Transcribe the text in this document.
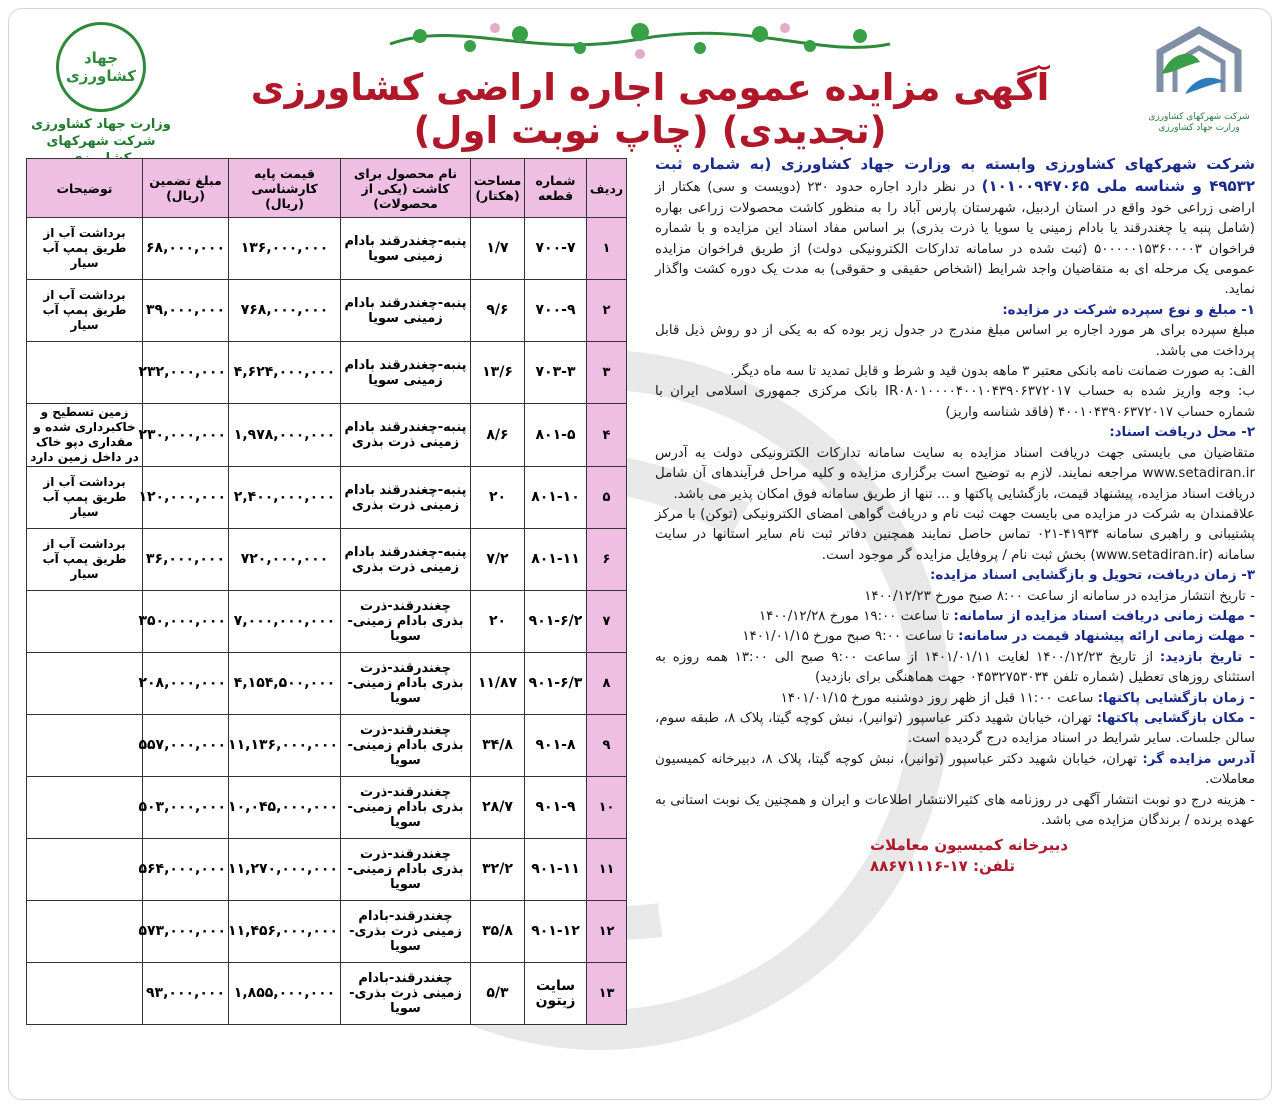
شرکت شهرکهای کشاورزی وزارت جهاد کشاورزی
جهاد کشاورزی
وزارت جهاد کشاورزی
شرکت شهرکهای
آگهی مزایده عمومی اجاره اراضی کشاورزی (تجدیدی) (چاپ نوبت اول)
ردیف	شماره قطعه	مساحت (هکتار)	نام محصول برای کاشت (یکی از محصولات)	قیمت پایه کارشناسی (ریال)	مبلغ تضمین (ریال)	توضیحات
۱	۷۰۰-۷	۱/۷	پنبه-چغندرقند بادام زمینی سویا	۱۳۶,۰۰۰,۰۰۰	۶۸,۰۰۰,۰۰۰	برداشت آب از طریق پمپ آب سیار
۲	۷۰۰-۹	۹/۶	پنبه-چغندرقند بادام زمینی سویا	۷۶۸,۰۰۰,۰۰۰	۳۹,۰۰۰,۰۰۰	برداشت آب از طریق پمپ آب سیار
۳	۷۰۳-۳	۱۳/۶	پنبه-چغندرقند بادام زمینی سویا	۴,۶۲۴,۰۰۰,۰۰۰	۲۳۲,۰۰۰,۰۰۰	
۴	۸۰۱-۵	۸/۶	پنبه-چغندرقند بادام زمینی ذرت بذری	۱,۹۷۸,۰۰۰,۰۰۰	۲۳۰,۰۰۰,۰۰۰	زمین تسطیح و خاکبرداری شده و مقداری دپو خاک در داخل زمین دارد
۵	۸۰۱-۱۰	۲۰	پنبه-چغندرقند بادام زمینی ذرت بذری	۲,۴۰۰,۰۰۰,۰۰۰	۱۲۰,۰۰۰,۰۰۰	برداشت آب از طریق پمپ آب سیار
۶	۸۰۱-۱۱	۷/۲	پنبه-چغندرقند بادام زمینی ذرت بذری	۷۲۰,۰۰۰,۰۰۰	۳۶,۰۰۰,۰۰۰	برداشت آب از طریق پمپ آب سیار
۷	۹۰۱-۶/۲	۲۰	چغندرقند-ذرت بذری بادام زمینی-سویا	۷,۰۰۰,۰۰۰,۰۰۰	۳۵۰,۰۰۰,۰۰۰	
۸	۹۰۱-۶/۳	۱۱/۸۷	چغندرقند-ذرت بذری بادام زمینی-سویا	۴,۱۵۴,۵۰۰,۰۰۰	۲۰۸,۰۰۰,۰۰۰	
۹	۹۰۱-۸	۳۴/۸	چغندرقند-ذرت بذری بادام زمینی-سویا	۱۱,۱۳۶,۰۰۰,۰۰۰	۵۵۷,۰۰۰,۰۰۰	
۱۰	۹۰۱-۹	۲۸/۷	چغندرقند-ذرت بذری بادام زمینی-سویا	۱۰,۰۴۵,۰۰۰,۰۰۰	۵۰۳,۰۰۰,۰۰۰	
۱۱	۹۰۱-۱۱	۳۲/۲	چغندرقند-ذرت بذری بادام زمینی-سویا	۱۱,۲۷۰,۰۰۰,۰۰۰	۵۶۴,۰۰۰,۰۰۰	
۱۲	۹۰۱-۱۲	۳۵/۸	چغندرقند-بادام زمینی ذرت بذری-سویا	۱۱,۴۵۶,۰۰۰,۰۰۰	۵۷۳,۰۰۰,۰۰۰	
۱۳	سایت زیتون	۵/۳	چغندرقند-بادام زمینی ذرت بذری-سویا	۱,۸۵۵,۰۰۰,۰۰۰	۹۳,۰۰۰,۰۰۰	

شرکت شهرکهای کشاورزی وابسته به وزارت جهاد کشاورزی (به شماره ثبت ۴۹۵۳۲ و شناسه ملی ۱۰۱۰۰۹۴۷۰۶۵) در نظر دارد اجاره حدود ۲۳۰ (دویست و سی) هکتار از اراضی زراعی خود واقع در استان اردبیل، شهرستان پارس آباد را به منظور کاشت محصولات زراعی بهاره (شامل پنبه یا چغندرقند یا بادام زمینی یا سویا یا ذرت بذری) بر اساس مفاد اسناد این مزایده و با شماره فراخوان ۵۰۰۰۰۰۱۵۳۶۰۰۰۰۳ (ثبت شده در سامانه تدارکات الکترونیکی دولت) از طریق فراخوان مزایده عمومی یک مرحله ای به متقاضیان واجد شرایط (اشخاص حقیقی و حقوقی) به مدت یک دوره کشت واگذار نماید.

۱- مبلغ و نوع سپرده شرکت در مزایده:

مبلغ سپرده برای هر مورد اجاره بر اساس مبلغ مندرج در جدول زیر بوده که به یکی از دو روش ذیل قابل پرداخت می باشد.

الف: به صورت ضمانت نامه بانکی معتبر ۳ ماهه بدون قید و شرط و قابل تمدید تا سه ماه دیگر.

ب: وجه واریز شده به حساب IR۰۸۰۱۰۰۰۰۴۰۰۱۰۴۳۹۰۶۳۷۲۰۱۷ بانک مرکزی جمهوری اسلامی ایران با شماره حساب ۴۰۰۱۰۴۳۹۰۶۳۷۲۰۱۷ (فاقد شناسه واریز)

۲- محل دریافت اسناد:

متقاضیان می بایستی جهت دریافت اسناد مزایده به سایت سامانه تدارکات الکترونیکی دولت به آدرس www.setadiran.ir مراجعه نمایند. لازم به توضیح است برگزاری مزایده و کلیه مراحل فرآیندهای آن شامل دریافت اسناد مزایده، پیشنهاد قیمت، بازگشایی پاکتها و ... تنها از طریق سامانه فوق امکان پذیر می باشد.

علاقمندان به شرکت در مزایده می بایست جهت ثبت نام و دریافت گواهی امضای الکترونیکی (توکن) با مرکز پشتیبانی و راهبری سامانه ۴۱۹۳۴-۰۲۱ تماس حاصل نمایند همچنین دفاتر ثبت نام سایر استانها در سایت سامانه (www.setadiran.ir) بخش ثبت نام / پروفایل مزایده گر موجود است.

۳- زمان دریافت، تحویل و بازگشایی اسناد مزایده:

- تاریخ انتشار مزایده در سامانه از ساعت ۸:۰۰ صبح مورخ ۱۴۰۰/۱۲/۲۳

- مهلت زمانی دریافت اسناد مزایده از سامانه: تا ساعت ۱۹:۰۰ مورخ ۱۴۰۰/۱۲/۲۸

- مهلت زمانی ارائه پیشنهاد قیمت در سامانه: تا ساعت ۹:۰۰ صبح مورخ ۱۴۰۱/۰۱/۱۵

- تاریخ بازدید: از تاریخ ۱۴۰۰/۱۲/۲۳ لغایت ۱۴۰۱/۰۱/۱۱ از ساعت ۹:۰۰ صبح الی ۱۳:۰۰ همه روزه به استثنای روزهای تعطیل (شماره تلفن ۰۴۵۳۲۷۵۳۰۳۴ جهت هماهنگی برای بازدید)

- زمان بازگشایی پاکتها: ساعت ۱۱:۰۰ قبل از ظهر روز دوشنبه مورخ ۱۴۰۱/۰۱/۱۵

- مکان بازگشایی پاکتها: تهران، خیابان شهید دکتر عباسپور (توانیر)، نبش کوچه گیتا، پلاک ۸، طبقه سوم، سالن جلسات. سایر شرایط در اسناد مزایده درج گردیده است.

آدرس مزایده گر: تهران، خیابان شهید دکتر عباسپور (توانیر)، نبش کوچه گیتا، پلاک ۸، دبیرخانه کمیسیون معاملات.

- هزینه درج دو نوبت انتشار آگهی در روزنامه های کثیرالانتشار اطلاعات و ایران و همچنین یک نوبت استانی به عهده برنده / برندگان مزایده می باشد.

دبیرخانه کمیسیون معاملات
تلفن: ۱۷-۸۸۶۷۱۱۱۶
